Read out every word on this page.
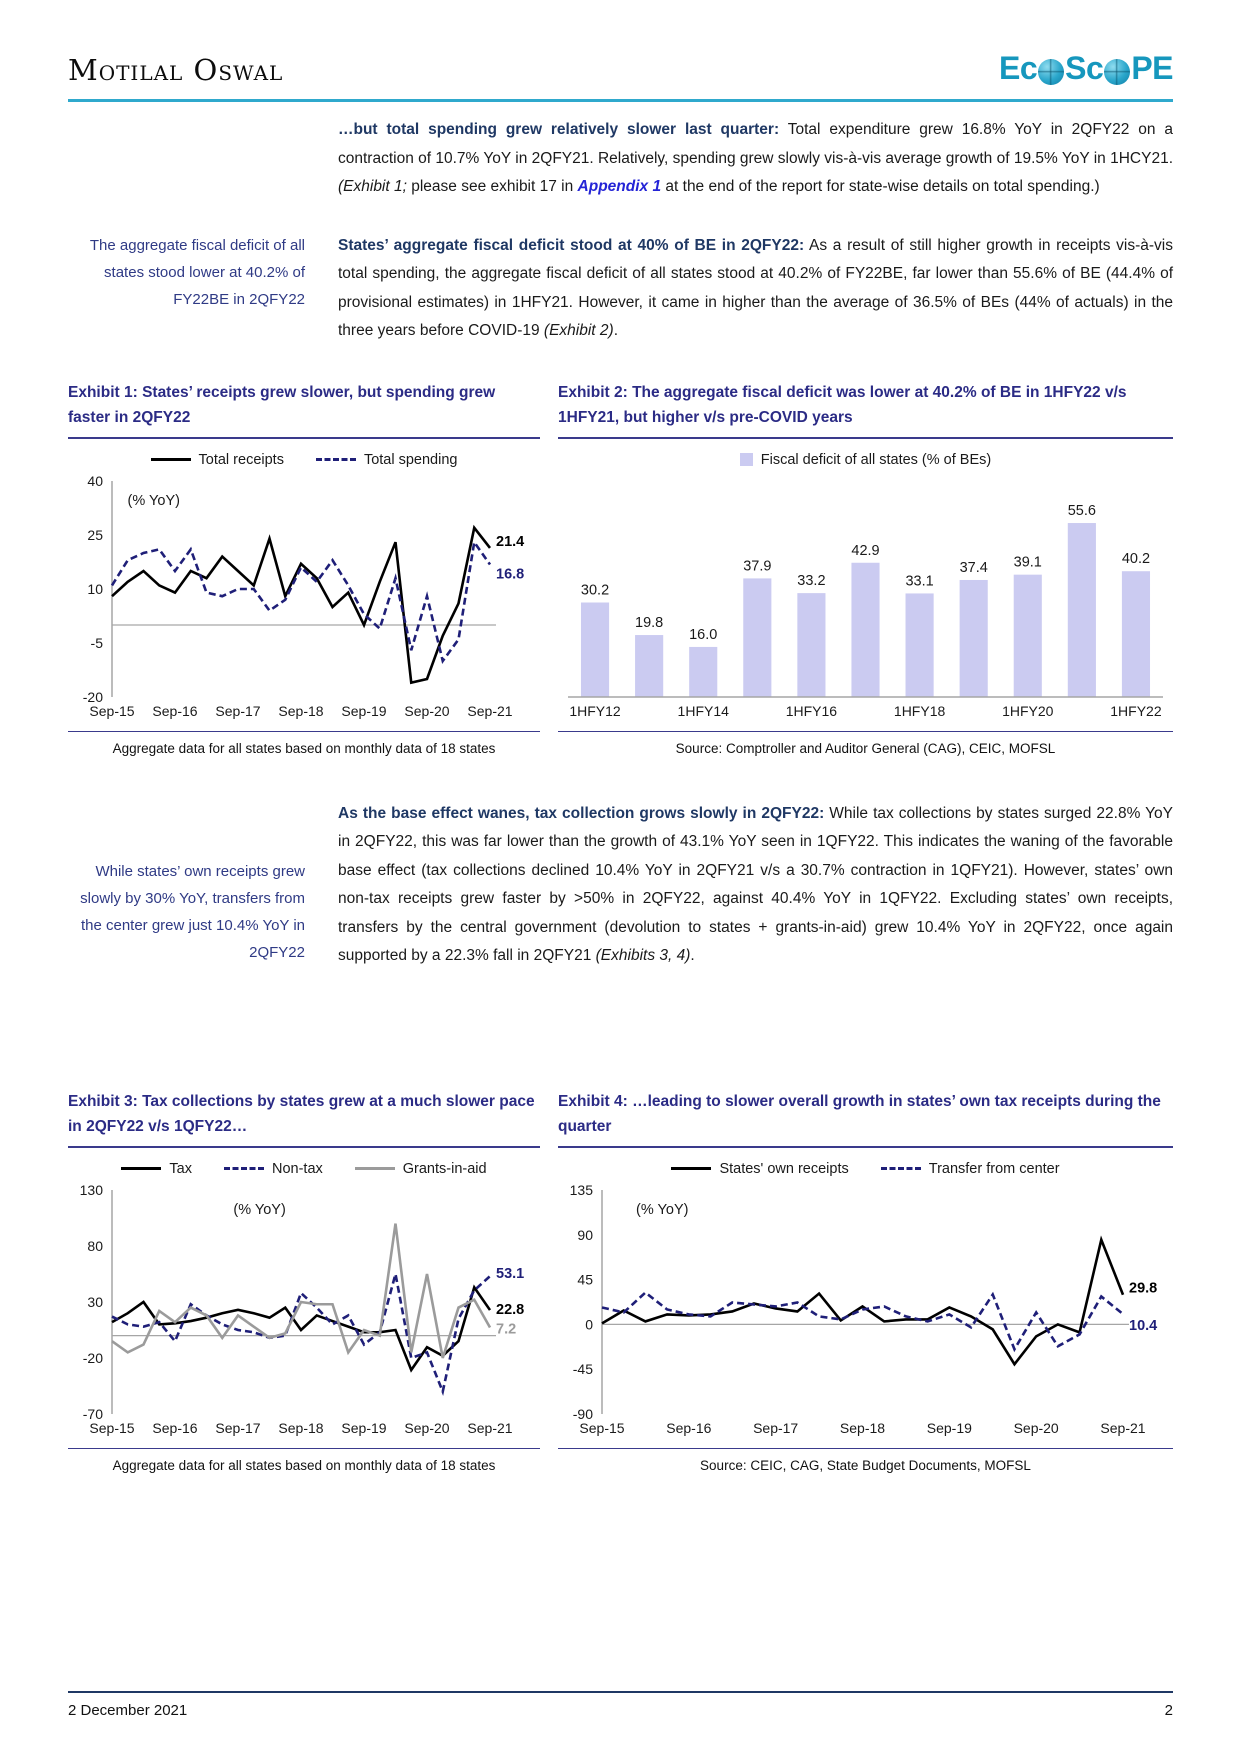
Motilal Oswal	Ec Sc PE
…but total spending grew relatively slower last quarter: Total expenditure grew 16.8% YoY in 2QFY22 on a contraction of 10.7% YoY in 2QFY21. Relatively, spending grew slowly vis-à-vis average growth of 19.5% YoY in 1HCY21. (Exhibit 1; please see exhibit 17 in Appendix 1 at the end of the report for state-wise details on total spending.)
The aggregate fiscal deficit of all states stood lower at 40.2% of FY22BE in 2QFY22
States’ aggregate fiscal deficit stood at 40% of BE in 2QFY22: As a result of still higher growth in receipts vis-à-vis total spending, the aggregate fiscal deficit of all states stood at 40.2% of FY22BE, far lower than 55.6% of BE (44.4% of provisional estimates) in 1HFY21. However, it came in higher than the average of 36.5% of BEs (44% of actuals) in the three years before COVID-19 (Exhibit 2).
Exhibit 1: States’ receipts grew slower, but spending grew faster in 2QFY22
Total receipts	Total spending
40
25
10
-5
-20
Sep-15 Sep-16 Sep-17 Sep-18 Sep-19 Sep-20 Sep-21
(% YoY)
21.4
16.8
Aggregate data for all states based on monthly data of 18 states
Exhibit 2: The aggregate fiscal deficit was lower at 40.2% of BE in 1HFY22 v/s 1HFY21, but higher v/s pre-COVID years
Fiscal deficit of all states (% of BEs)
30.2
19.8
16.0
37.9
33.2
42.9
33.1
37.4 39.1
55.6
40.2
1HFY12	1HFY14	1HFY16	1HFY18	1HFY20	1HFY22
Source: Comptroller and Auditor General (CAG), CEIC, MOFSL
While states’ own receipts grew slowly by 30% YoY, transfers from the center grew just 10.4% YoY in 2QFY22
As the base effect wanes, tax collection grows slowly in 2QFY22: While tax collections by states surged 22.8% YoY in 2QFY22, this was far lower than the growth of 43.1% YoY seen in 1QFY22. This indicates the waning of the favorable base effect (tax collections declined 10.4% YoY in 2QFY21 v/s a 30.7% contraction in 1QFY21). However, states’ own non-tax receipts grew faster by >50% in 2QFY22, against 40.4% YoY in 1QFY22. Excluding states’ own receipts, transfers by the central government (devolution to states + grants-in-aid) grew 10.4% YoY in 2QFY22, once again supported by a 22.3% fall in 2QFY21 (Exhibits 3, 4).
Exhibit 3: Tax collections by states grew at a much slower pace in 2QFY22 v/s 1QFY22…
Tax	Non-tax	Grants-in-aid
130
80
30
-20
-70
Sep-15 Sep-16 Sep-17 Sep-18 Sep-19 Sep-20 Sep-21
(% YoY)
53.1
22.8
7.2
Aggregate data for all states based on monthly data of 18 states
Exhibit 4: …leading to slower overall growth in states’ own tax receipts during the quarter
States' own receipts	Transfer from center
135
90
45
0
-45
-90
Sep-15	Sep-16	Sep-17	Sep-18	Sep-19	Sep-20	Sep-21
(% YoY)
29.8
10.4
Source: CEIC, CAG, State Budget Documents, MOFSL
2 December 2021	2
